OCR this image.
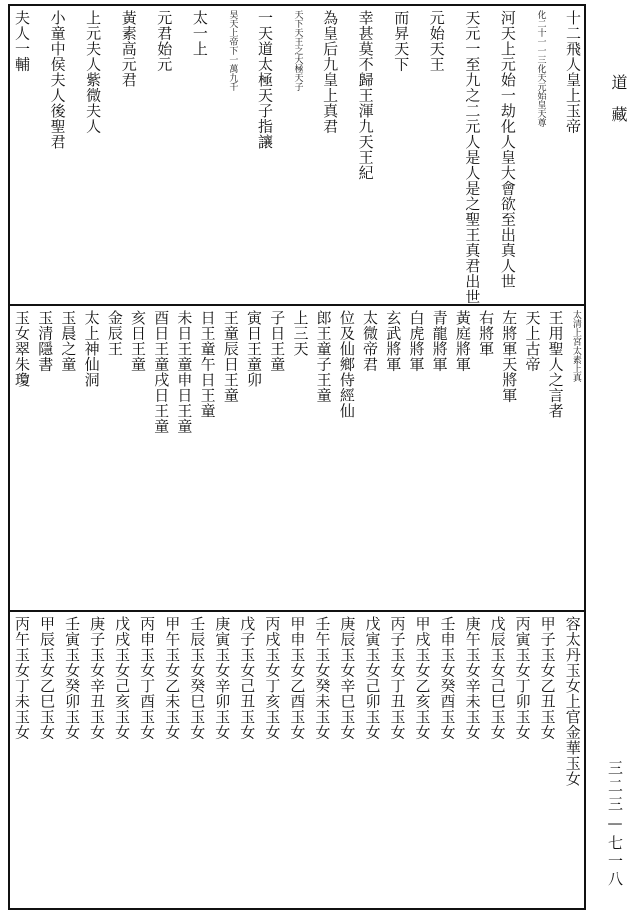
十二飛人皇上玉帝
化二十一一三化天元始皇天尊
河天上元始一劫化人皇大會欲至出真人世
天元一至九之二元人是人是之聖王真君出世
元始天王
而昇天下
幸甚莫不歸王渾九天王紀
為皇后九皇上真君
天下天王之大極天子
一天道太極天子指讓
昊天上帝下一萬九千
太一上
元君始元
黃素高元君
上元夫人紫微夫人
小童中侯夫人後聖君
夫人一輔
太清上宮太素上真
王用聖人之言者
天上古帝
左將軍天將軍
右將軍
黃庭將軍
青龍將軍
白虎將軍
玄武將軍
太微帝君
位及仙鄉侍經仙
郎王童子王童
上三天
子日王童
寅日王童卯
王童辰日王童
日王童午日王童
未日王童申日王童
酉日王童戌日王童
亥日王童
金辰王
太上神仙洞
玉晨之童
玉清隱書
玉女翠朱瓊
容太丹玉女上官金華玉女
甲子玉女乙丑玉女
丙寅玉女丁卯玉女
戊辰玉女己巳玉女
庚午玉女辛未玉女
壬申玉女癸酉玉女
甲戌玉女乙亥玉女
丙子玉女丁丑玉女
戊寅玉女己卯玉女
庚辰玉女辛巳玉女
壬午玉女癸未玉女
甲申玉女乙酉玉女
丙戌玉女丁亥玉女
戊子玉女己丑玉女
庚寅玉女辛卯玉女
壬辰玉女癸巳玉女
甲午玉女乙未玉女
丙申玉女丁酉玉女
戊戌玉女己亥玉女
庚子玉女辛丑玉女
壬寅玉女癸卯玉女
甲辰玉女乙巳玉女
丙午玉女丁未玉女
道藏
三二三—七一八
